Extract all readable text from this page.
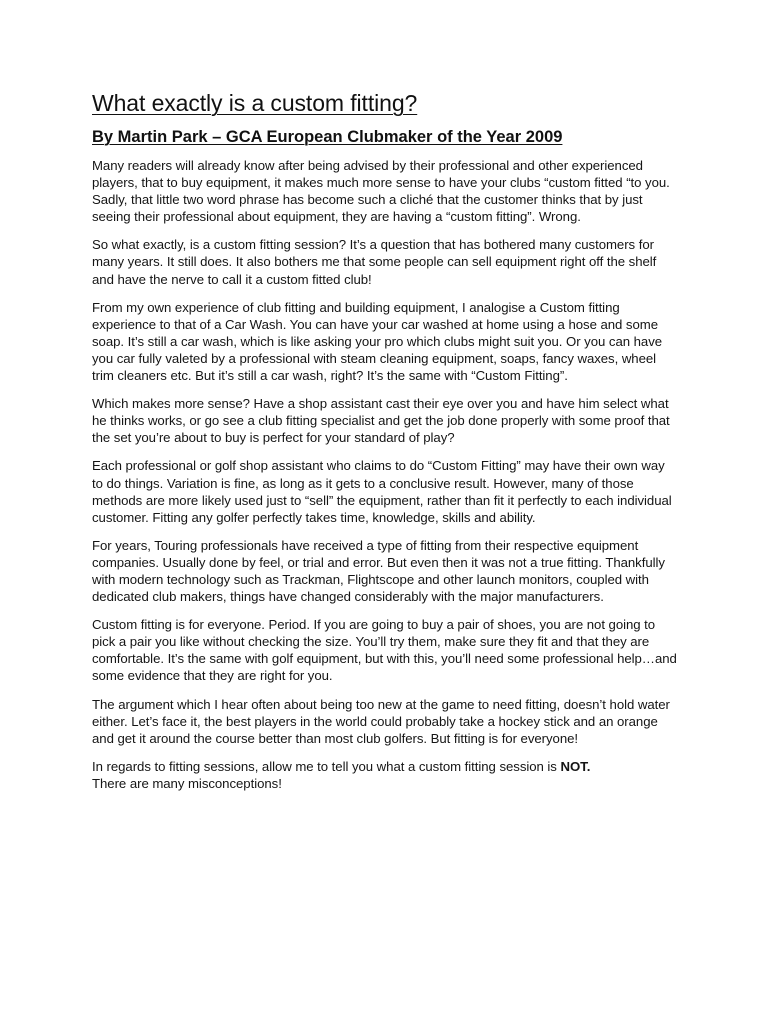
What exactly is a custom fitting?
By Martin Park – GCA European Clubmaker of the Year 2009

Many readers will already know after being advised by their professional and other experienced players, that to buy equipment, it makes much more sense to have your clubs “custom fitted “to you. Sadly, that little two word phrase has become such a cliché that the customer thinks that by just seeing their professional about equipment, they are having a “custom fitting”. Wrong.

So what exactly, is a custom fitting session? It’s a question that has bothered many customers for many years. It still does. It also bothers me that some people can sell equipment right off the shelf and have the nerve to call it a custom fitted club!

From my own experience of club fitting and building equipment, I analogise a Custom fitting experience to that of a Car Wash. You can have your car washed at home using a hose and some soap. It’s still a car wash, which is like asking your pro which clubs might suit you. Or you can have you car fully valeted by a professional with steam cleaning equipment, soaps, fancy waxes, wheel trim cleaners etc. But it’s still a car wash, right? It’s the same with “Custom Fitting”.

Which makes more sense? Have a shop assistant cast their eye over you and have him select what he thinks works, or go see a club fitting specialist and get the job done properly with some proof that the set you’re about to buy is perfect for your standard of play?

Each professional or golf shop assistant who claims to do “Custom Fitting” may have their own way to do things. Variation is fine, as long as it gets to a conclusive result. However, many of those methods are more likely used just to “sell” the equipment, rather than fit it perfectly to each individual customer. Fitting any golfer perfectly takes time, knowledge, skills and ability.

For years, Touring professionals have received a type of fitting from their respective equipment companies. Usually done by feel, or trial and error. But even then it was not a true fitting. Thankfully with modern technology such as Trackman, Flightscope and other launch monitors, coupled with dedicated club makers, things have changed considerably with the major manufacturers.

Custom fitting is for everyone. Period. If you are going to buy a pair of shoes, you are not going to pick a pair you like without checking the size. You’ll try them, make sure they fit and that they are comfortable. It’s the same with golf equipment, but with this, you’ll need some professional help…and some evidence that they are right for you.

The argument which I hear often about being too new at the game to need fitting, doesn’t hold water either. Let’s face it, the best players in the world could probably take a hockey stick and an orange and get it around the course better than most club golfers. But fitting is for everyone!

In regards to fitting sessions, allow me to tell you what a custom fitting session is NOT.
There are many misconceptions!
